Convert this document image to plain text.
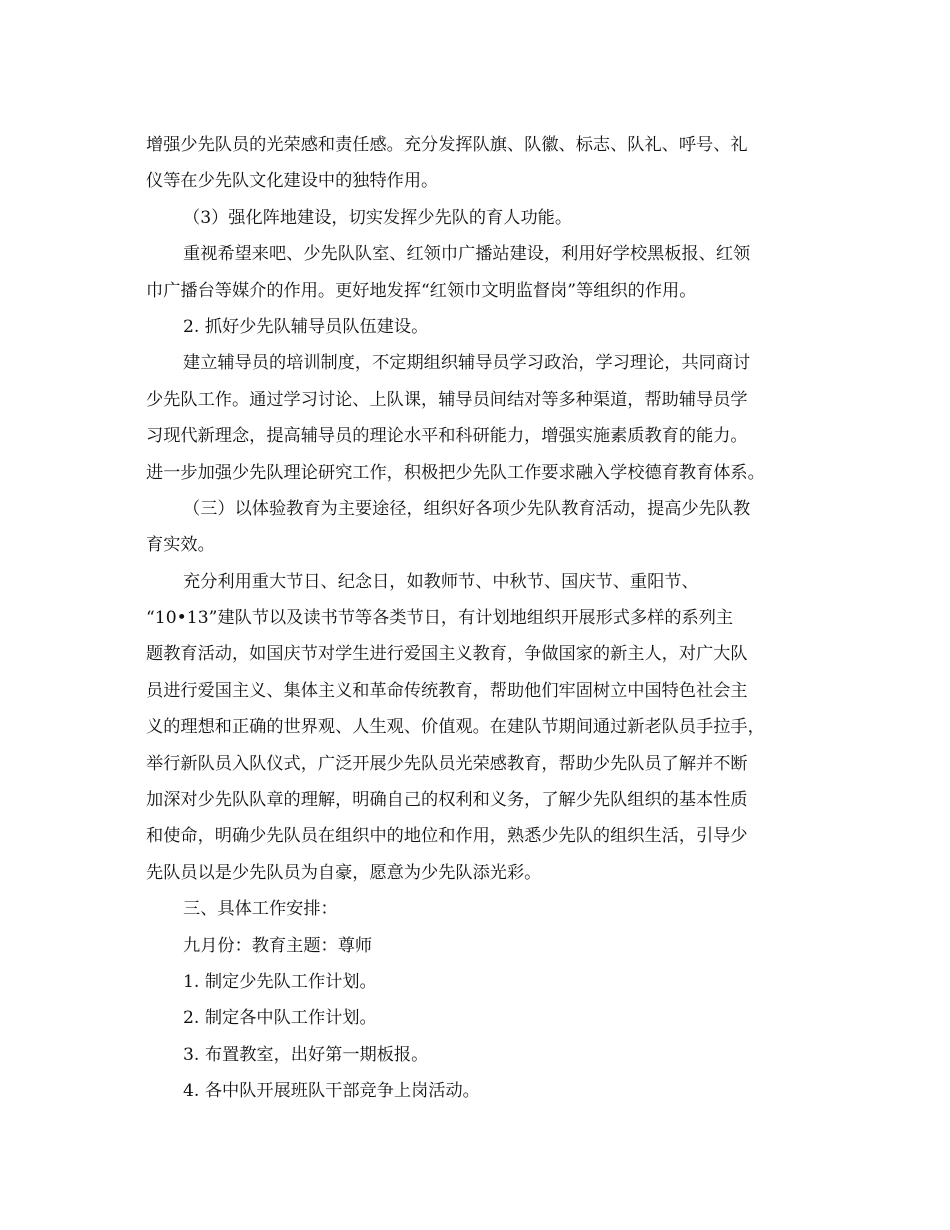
增强少先队员的光荣感和责任感。充分发挥队旗、队徽、标志、队礼、呼号、礼
仪等在少先队文化建设中的独特作用。
（3）强化阵地建设，切实发挥少先队的育人功能。
重视希望来吧、少先队队室、红领巾广播站建设，利用好学校黑板报、红领
巾广播台等媒介的作用。更好地发挥“红领巾文明监督岗”等组织的作用。
2. 抓好少先队辅导员队伍建设。
建立辅导员的培训制度，不定期组织辅导员学习政治，学习理论，共同商讨
少先队工作。通过学习讨论、上队课，辅导员间结对等多种渠道，帮助辅导员学
习现代新理念，提高辅导员的理论水平和科研能力，增强实施素质教育的能力。
进一步加强少先队理论研究工作，积极把少先队工作要求融入学校德育教育体系。
（三）以体验教育为主要途径，组织好各项少先队教育活动，提高少先队教
育实效。
充分利用重大节日、纪念日，如教师节、中秋节、国庆节、重阳节、
“10•13”建队节以及读书节等各类节日，有计划地组织开展形式多样的系列主
题教育活动，如国庆节对学生进行爱国主义教育，争做国家的新主人，对广大队
员进行爱国主义、集体主义和革命传统教育，帮助他们牢固树立中国特色社会主
义的理想和正确的世界观、人生观、价值观。在建队节期间通过新老队员手拉手，
举行新队员入队仪式，广泛开展少先队员光荣感教育，帮助少先队员了解并不断
加深对少先队队章的理解，明确自己的权利和义务，了解少先队组织的基本性质
和使命，明确少先队员在组织中的地位和作用，熟悉少先队的组织生活，引导少
先队员以是少先队员为自豪，愿意为少先队添光彩。
三、具体工作安排：
九月份：教育主题：尊师
1. 制定少先队工作计划。
2. 制定各中队工作计划。
3. 布置教室，出好第一期板报。
4. 各中队开展班队干部竞争上岗活动。
